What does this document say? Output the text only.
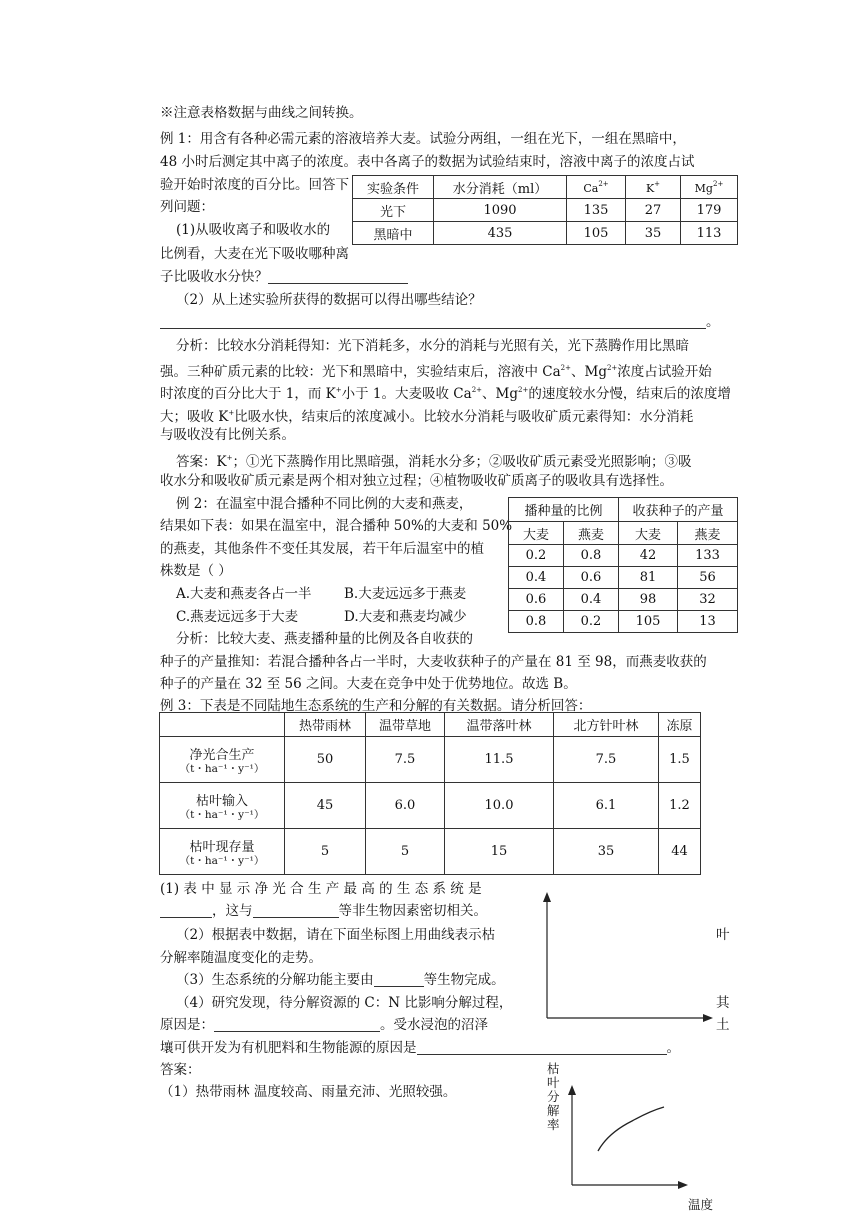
※注意表格数据与曲线之间转换。
例 1：用含有各种必需元素的溶液培养大麦。试验分两组，一组在光下，一组在黑暗中，
48 小时后测定其中离子的浓度。表中各离子的数据为试验结束时，溶液中离子的浓度占试
验开始时浓度的百分比。回答下
列问题：
(1)从吸收离子和吸收水的
比例看，大麦在光下吸收哪种离
子比吸收水分快？
（2）从上述实验所获得的数据可以得出哪些结论？
。
实验条件	水分消耗（ml）	$Ca^{2+}$	K+	$Mg^{2+}$
光下	1090	135	27	179
黑暗中	435	105	35	113
分析：比较水分消耗得知：光下消耗多，水分的消耗与光照有关，光下蒸腾作用比黑暗
强。三种矿质元素的比较：光下和黑暗中，实验结束后，溶液中 $Ca^{2+}$、$Mg^{2+}$浓度占试验开始
时浓度的百分比大于 1，而 K+小于 1。大麦吸收 $Ca^{2+}$、$Mg^{2+}$的速度较水分慢，结束后的浓度增
大；吸收 K+比吸水快，结束后的浓度减小。比较水分消耗与吸收矿质元素得知：水分消耗
与吸收没有比例关系。
答案：K+；①光下蒸腾作用比黑暗强，消耗水分多；②吸收矿质元素受光照影响；③吸
收水分和吸收矿质元素是两个相对独立过程；④植物吸收矿质离子的吸收具有选择性。
例 2：在温室中混合播种不同比例的大麦和燕麦，
结果如下表：如果在温室中，混合播种 50%的大麦和 50%
的燕麦，其他条件不变任其发展，若干年后温室中的植
株数是（ ）
A.大麦和燕麦各占一半 B.大麦远远多于燕麦
C.燕麦远远多于大麦	D.大麦和燕麦均减少
分析：比较大麦、燕麦播种量的比例及各自收获的
种子的产量推知：若混合播种各占一半时，大麦收获种子的产量在 81 至 98，而燕麦收获的
种子的产量在 32 至 56 之间。大麦在竞争中处于优势地位。故选 B。
播种量的比例		收获种子的产量	
大麦	燕麦	大麦	燕麦
0.2	0.8	42	133
0.4	0.6	81	56
0.6	0.4	98	32
0.8	0.2	105	13
例 3：下表是不同陆地生态系统的生产和分解的有关数据。请分析回答：
	热带雨林	温带草地	温带落叶林	北方针叶林	冻原

净光合生产
（t・ha⁻¹・y⁻¹）	50	7.5	11.5	7.5	1.5

枯叶输入
（t・ha⁻¹・y⁻¹）	45	6.0	10.0	6.1	1.2

枯叶现存量
（t・ha⁻¹・y⁻¹）	5	5	15	35	44
(1) 表 中 显 示 净 光 合 生 产 最 高 的 生 态 系 统 是
，这与	等非生物因素密切相关。
（2）根据表中数据，请在下面坐标图上用曲线表示枯
分解率随温度变化的走势。
（3）生态系统的分解功能主要由	等生物完成。
（4）研究发现，待分解资源的 C：N 比影响分解过程，
原因是：	。受水浸泡的沼泽
壤可供开发为有机肥料和生物能源的原因是	。
答案：
（1）热带雨林 温度较高、雨量充沛、光照较强。
叶
其
土
枯叶分解率
温度
